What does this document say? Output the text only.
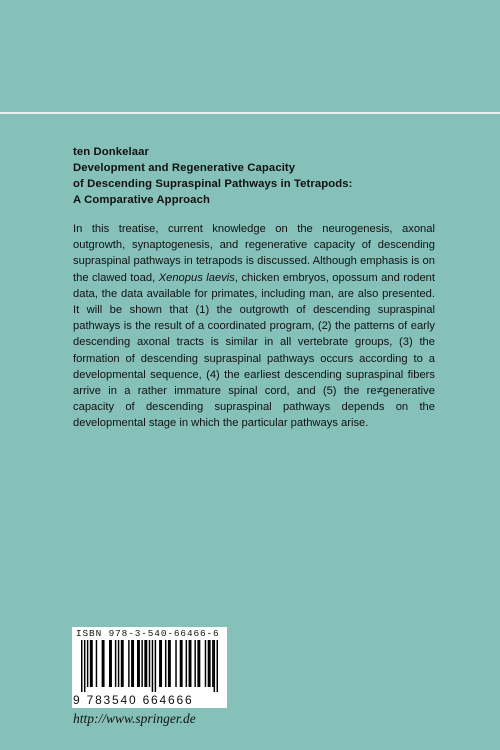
ten Donkelaar
Development and Regenerative Capacity
of Descending Supraspinal Pathways in Tetrapods:
A Comparative Approach
In this treatise, current knowledge on the neurogenesis, axonal outgrowth, synaptogenesis, and regenerative capacity of descending supraspinal pathways in tetrapods is discussed. Although emphasis is on the clawed toad, Xenopus laevis, chicken embryos, opossum and rodent data, the data available for primates, including man, are also presented. It will be shown that (1) the outgrowth of descending supraspinal pathways is the result of a coordinated program, (2) the patterns of early descending axonal tracts is similar in all vertebrate groups, (3) the formation of descending supraspinal pathways occurs according to a developmental sequence, (4) the earliest descending supraspinal fibers arrive in a rather immature spinal cord, and (5) the re≠generative capacity of descending supraspinal pathways depends on the developmental stage in which the particular pathways arise.
ISBN 978-3-540-66466-6
9 783540 664666
http://www.springer.de
